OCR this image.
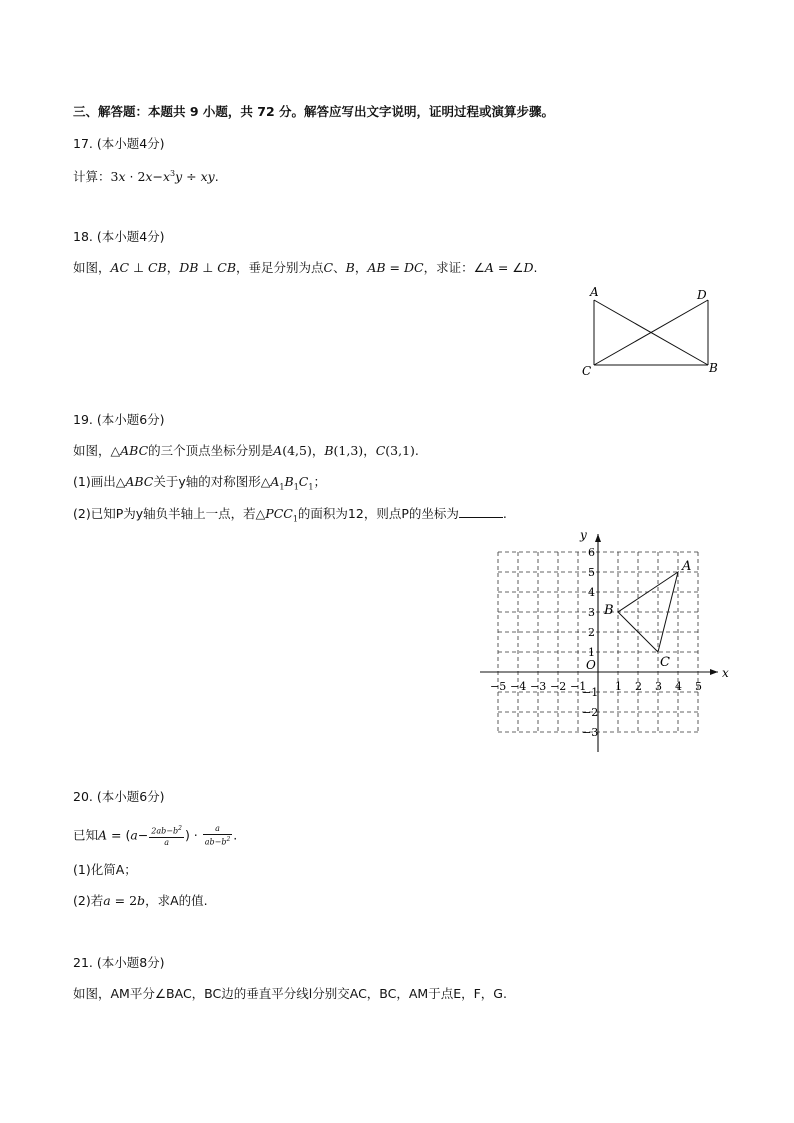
三、解答题：本题共 9 小题，共 72 分。解答应写出文字说明，证明过程或演算步骤。
17. (本小题4分)
计算：$3x \cdot 2x-x^3y$ ÷ xy.
18. (本小题4分)
如图，AC ⊥ CB，DB ⊥ CB，垂足分别为点C、B，AB = DC，求证：∠A = ∠D.
A	D
C	B
19. (本小题6分)
如图，△ABC的三个顶点坐标分别是A(4,5)，B(1,3)，C(3,1).
(1)画出△ABC关于y轴的对称图形$\triangle A_1B_1C_1$；
(2)已知P为y轴负半轴上一点，若$\triangle PCC_1$的面积为12，则点P的坐标为	.
x
y
O
−5 −4 −3 −2 −1	1 2 3 4 5
6
5
4
3
2
1
−1
−2
−3
A
B
C
20. (本小题6分)
已知$A = (a- \frac{2ab-b^2}{a}$ ) · $\frac{a}{ab-b^2}$ .
(1)化简A；
(2)若a = 2b，求A的值.
21. (本小题8分)
如图，AM平分∠BAC，BC边的垂直平分线l分别交AC，BC，AM于点E，F，G.
